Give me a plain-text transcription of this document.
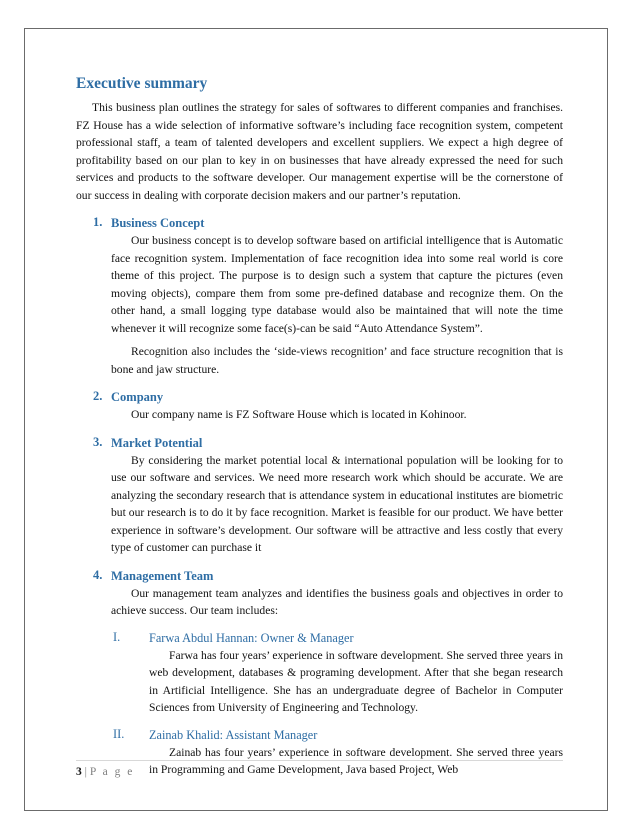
Executive summary

This business plan outlines the strategy for sales of softwares to different companies and franchises. FZ House has a wide selection of informative software’s including face recognition system, competent professional staff, a team of talented developers and excellent suppliers. We expect a high degree of profitability based on our plan to key in on businesses that have already expressed the need for such services and products to the software developer. Our management expertise will be the cornerstone of our success in dealing with corporate decision makers and our partner’s reputation.

1. Business Concept

Our business concept is to develop software based on artificial intelligence that is Automatic face recognition system. Implementation of face recognition idea into some real world is core theme of this project. The purpose is to design such a system that capture the pictures (even moving objects), compare them from some pre-defined database and recognize them. On the other hand, a small logging type database would also be maintained that will note the time whenever it will recognize some face(s)-can be said “Auto Attendance System”.

Recognition also includes the ‘side-views recognition’ and face structure recognition that is bone and jaw structure.

2. Company

Our company name is FZ Software House which is located in Kohinoor.

3. Market Potential

By considering the market potential local & international population will be looking for to use our software and services. We need more research work which should be accurate. We are analyzing the secondary research that is attendance system in educational institutes are biometric but our research is to do it by face recognition. Market is feasible for our product. We have better experience in software’s development. Our software will be attractive and less costly that every type of customer can purchase it

4. Management Team

Our management team analyzes and identifies the business goals and objectives in order to achieve success. Our team includes:

I. Farwa Abdul Hannan: Owner & Manager

Farwa has four years’ experience in software development. She served three years in web development, databases & programing development. After that she began research in Artificial Intelligence. She has an undergraduate degree of Bachelor in Computer Sciences from University of Engineering and Technology.

II. Zainab Khalid: Assistant Manager

Zainab has four years’ experience in software development. She served three years in Programming and Game Development, Java based Project, Web

3 | P a g e
